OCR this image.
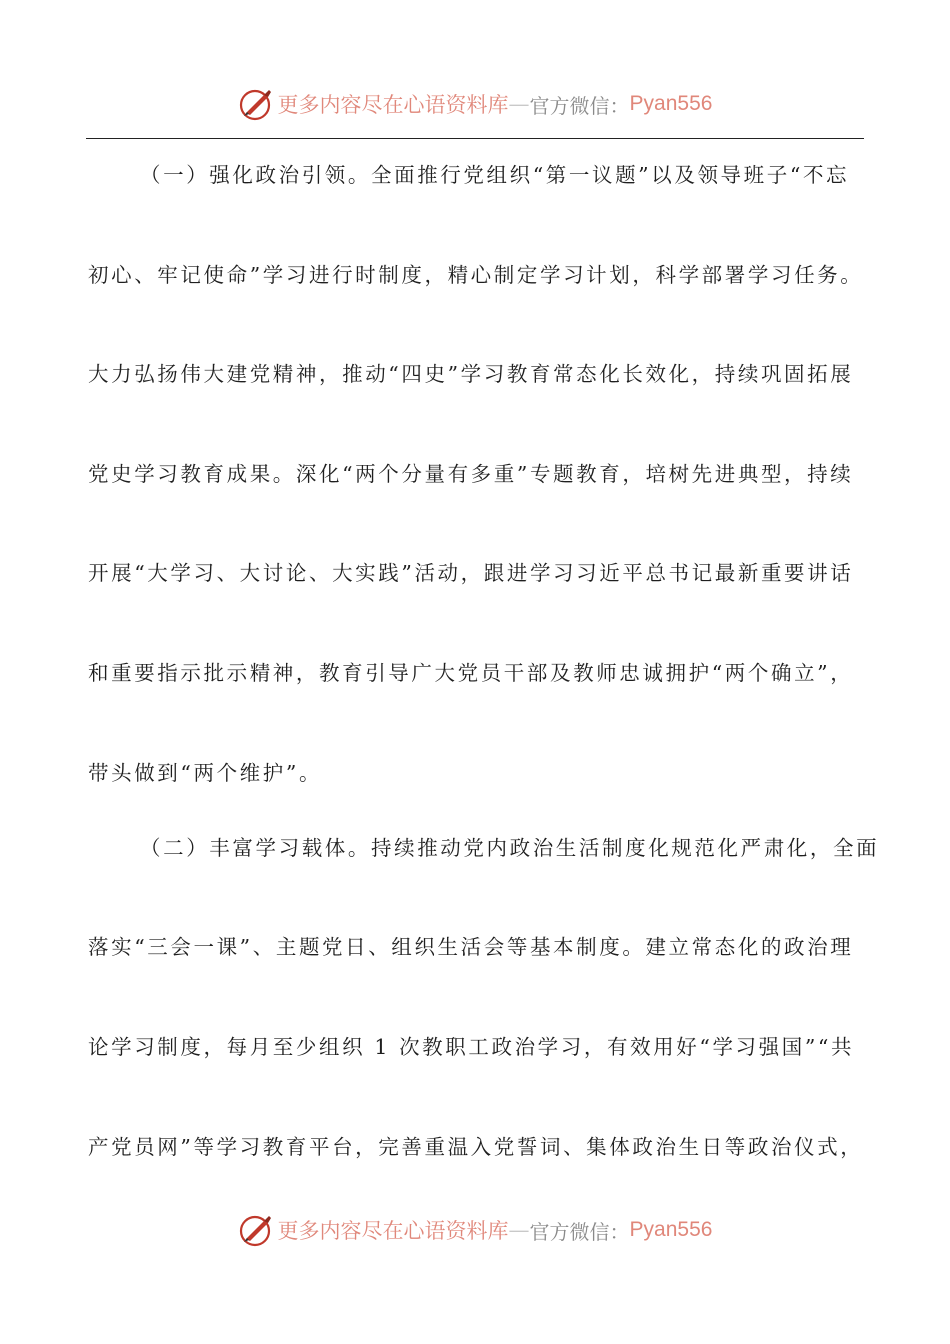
更多内容尽在心语资料库 — 官方微信： Pyan556
（一）强化政治引领。全面推行党组织“第一议题”以及领导班子“不忘
初心、牢记使命”学习进行时制度，精心制定学习计划，科学部署学习任务。
大力弘扬伟大建党精神，推动“四史”学习教育常态化长效化，持续巩固拓展
党史学习教育成果。深化“两个分量有多重”专题教育，培树先进典型，持续
开展“大学习、大讨论、大实践”活动，跟进学习习近平总书记最新重要讲话
和重要指示批示精神，教育引导广大党员干部及教师忠诚拥护“两个确立”，
带头做到“两个维护”。
（二）丰富学习载体。持续推动党内政治生活制度化规范化严肃化，全面
落实“三会一课”、主题党日、组织生活会等基本制度。建立常态化的政治理
论学习制度，每月至少组织 1 次教职工政治学习，有效用好“学习强国”“共
产党员网”等学习教育平台，完善重温入党誓词、集体政治生日等政治仪式，
更多内容尽在心语资料库 — 官方微信： Pyan556
